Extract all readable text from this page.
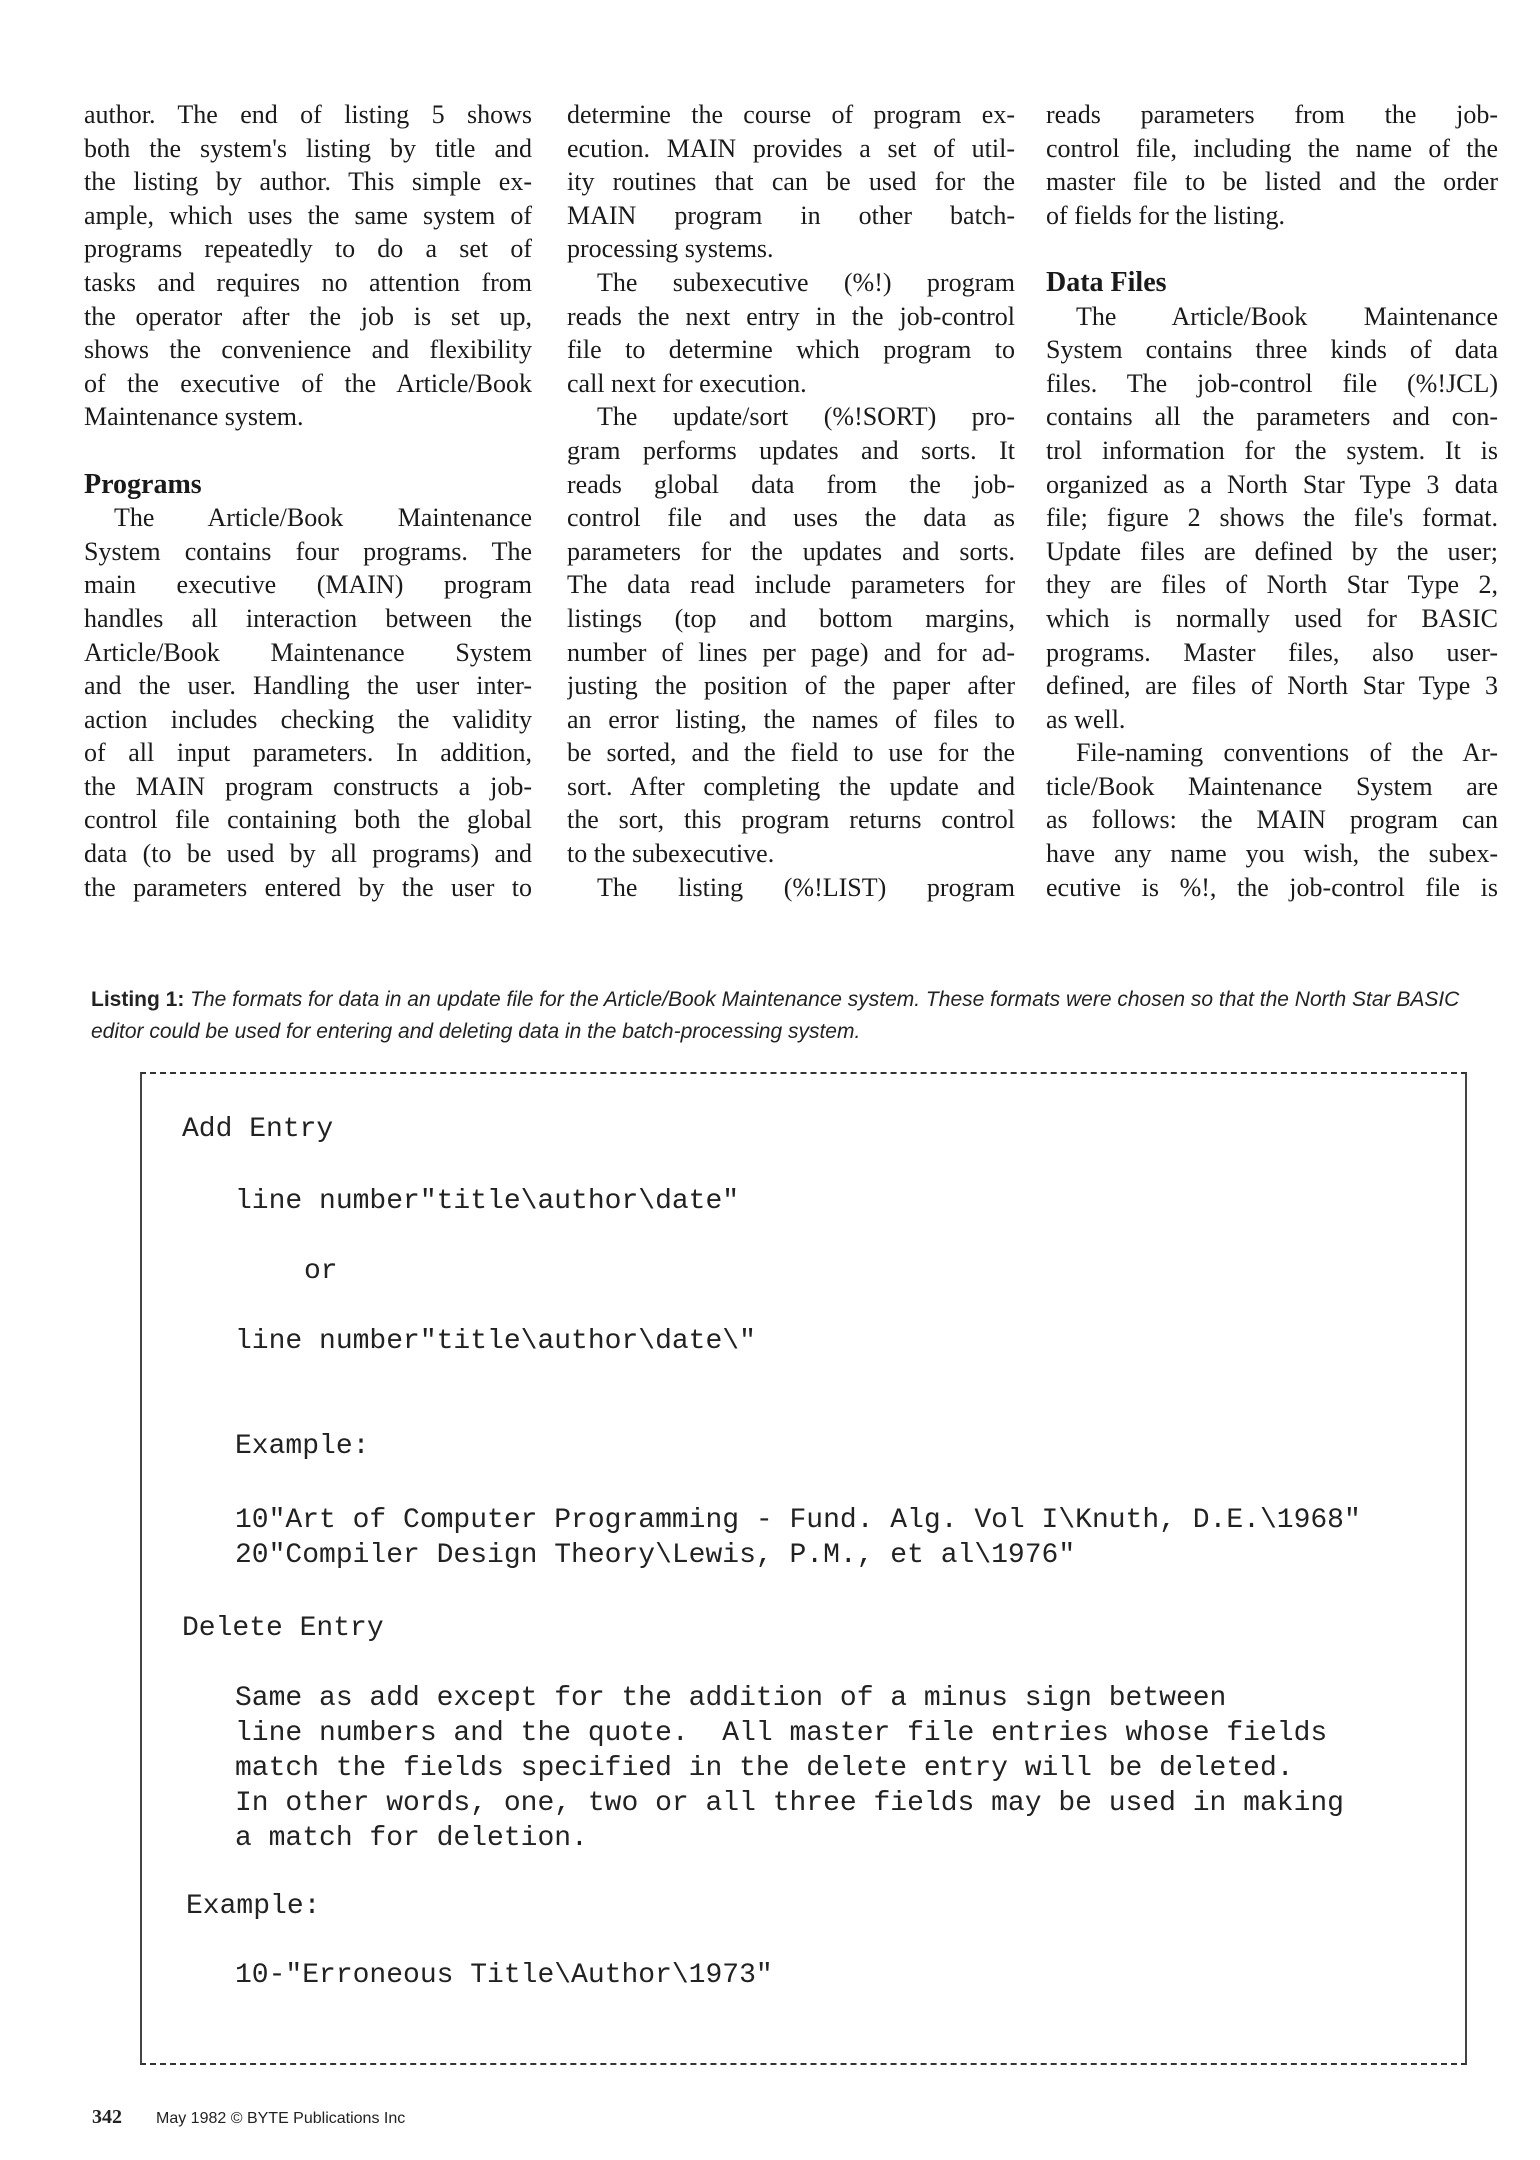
author. The end of listing 5 shows
both the system's listing by title and
the listing by author. This simple ex-
ample, which uses the same system of
programs repeatedly to do a set of
tasks and requires no attention from
the operator after the job is set up,
shows the convenience and flexibility
of the executive of the Article/Book
Maintenance system.
Programs
The Article/Book Maintenance
System contains four programs. The
main executive (MAIN) program
handles all interaction between the
Article/Book Maintenance System
and the user. Handling the user inter-
action includes checking the validity
of all input parameters. In addition,
the MAIN program constructs a job-
control file containing both the global
data (to be used by all programs) and
the parameters entered by the user to
determine the course of program ex-
ecution. MAIN provides a set of util-
ity routines that can be used for the
MAIN program in other batch-
processing systems.
The subexecutive (%!) program
reads the next entry in the job-control
file to determine which program to
call next for execution.
The update/sort (%!SORT) pro-
gram performs updates and sorts. It
reads global data from the job-
control file and uses the data as
parameters for the updates and sorts.
The data read include parameters for
listings (top and bottom margins,
number of lines per page) and for ad-
justing the position of the paper after
an error listing, the names of files to
be sorted, and the field to use for the
sort. After completing the update and
the sort, this program returns control
to the subexecutive.
The listing (%!LIST) program
reads parameters from the job-
control file, including the name of the
master file to be listed and the order
of fields for the listing.
Data Files
The Article/Book Maintenance
System contains three kinds of data
files. The job-control file (%!JCL)
contains all the parameters and con-
trol information for the system. It is
organized as a North Star Type 3 data
file; figure 2 shows the file's format.
Update files are defined by the user;
they are files of North Star Type 2,
which is normally used for BASIC
programs. Master files, also user-
defined, are files of North Star Type 3
as well.
File-naming conventions of the Ar-
ticle/Book Maintenance System are
as follows: the MAIN program can
have any name you wish, the subex-
ecutive is %!, the job-control file is
Listing 1: The formats for data in an update file for the Article/Book Maintenance system. These formats were chosen so that the North Star BASIC editor could be used for entering and deleting data in the batch-processing system.
Add Entry
line number"title\author\date"
or
line number"title\author\date\"
Example:
10"Art of Computer Programming - Fund. Alg. Vol I\Knuth, D.E.\1968"
20"Compiler Design Theory\Lewis, P.M., et al\1976"
Delete Entry
Same as add except for the addition of a minus sign between
line numbers and the quote.  All master file entries whose fields
match the fields specified in the delete entry will be deleted.
In other words, one, two or all three fields may be used in making
a match for deletion.
Example:
10-"Erroneous Title\Author\1973"
342 May 1982 © BYTE Publications Inc
